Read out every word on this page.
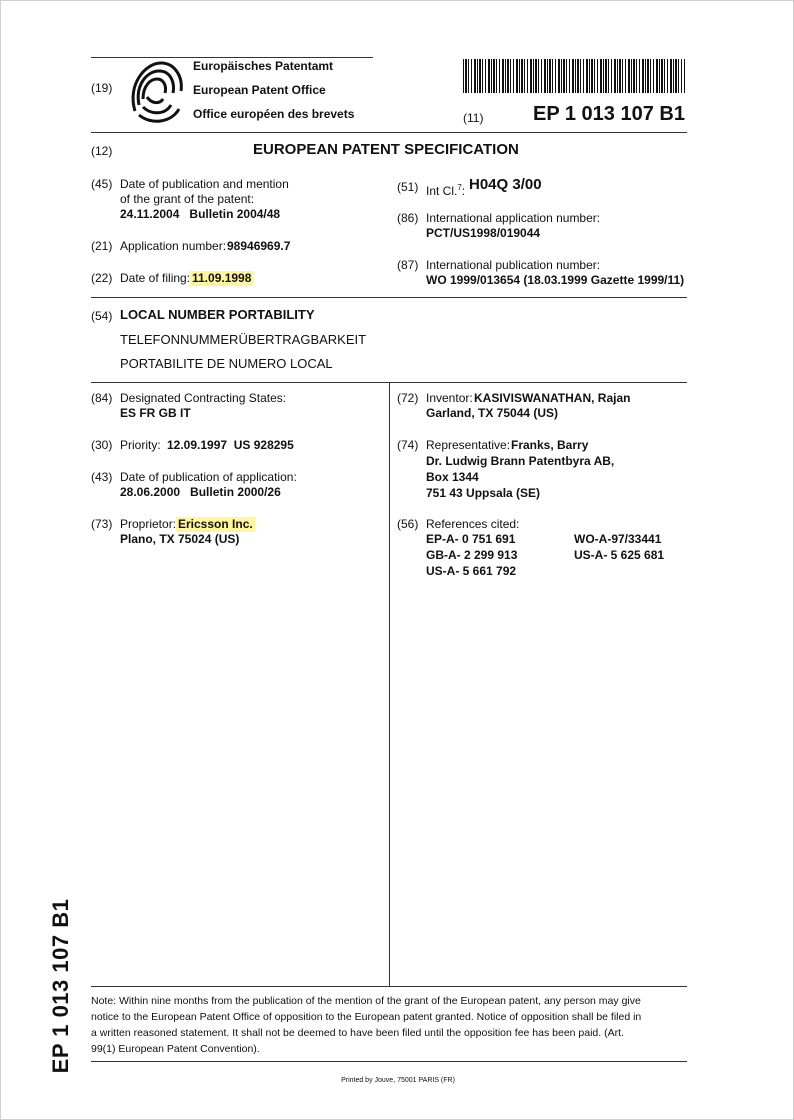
(19)
Europäisches Patentamt
European Patent Office
Office européen des brevets	(11) EP 1 013 107 B1
(12)	EUROPEAN PATENT SPECIFICATION
(45) Date of publication and mention
of the grant of the patent:
24.11.2004   Bulletin 2004/48
(21) Application number: 98946969.7
(22) Date of filing: 11.09.1998
(51) Int Cl.$^7$: H04Q 3/00
(86) International application number:
PCT/US1998/019044
(87) International publication number:
WO 1999/013654 (18.03.1999 Gazette 1999/11)
(54) LOCAL NUMBER PORTABILITY
TELEFONNUMMERÜBERTRAGBARKEIT
PORTABILITE DE NUMERO LOCAL
(84) Designated Contracting States:
ES FR GB IT
(30) Priority: 12.09.1997  US 928295
(43) Date of publication of application:
28.06.2000   Bulletin 2000/26
(73) Proprietor: Ericsson Inc.
Plano, TX 75024 (US)
(72) Inventor: KASIVISWANATHAN, Rajan
Garland, TX 75044 (US)
(74) Representative: Franks, Barry
Dr. Ludwig Brann Patentbyra AB,
Box 1344
751 43 Uppsala (SE)
(56) References cited:
EP-A- 0 751 691	WO-A-97/33441
GB-A- 2 299 913	US-A- 5 625 681
US-A- 5 661 792
Note: Within nine months from the publication of the mention of the grant of the European patent, any person may give
notice to the European Patent Office of opposition to the European patent granted. Notice of opposition shall be filed in
a written reasoned statement. It shall not be deemed to have been filed until the opposition fee has been paid. (Art.
99(1) European Patent Convention).
Printed by Jouve, 75001 PARIS (FR)
EP 1 013 107 B1
